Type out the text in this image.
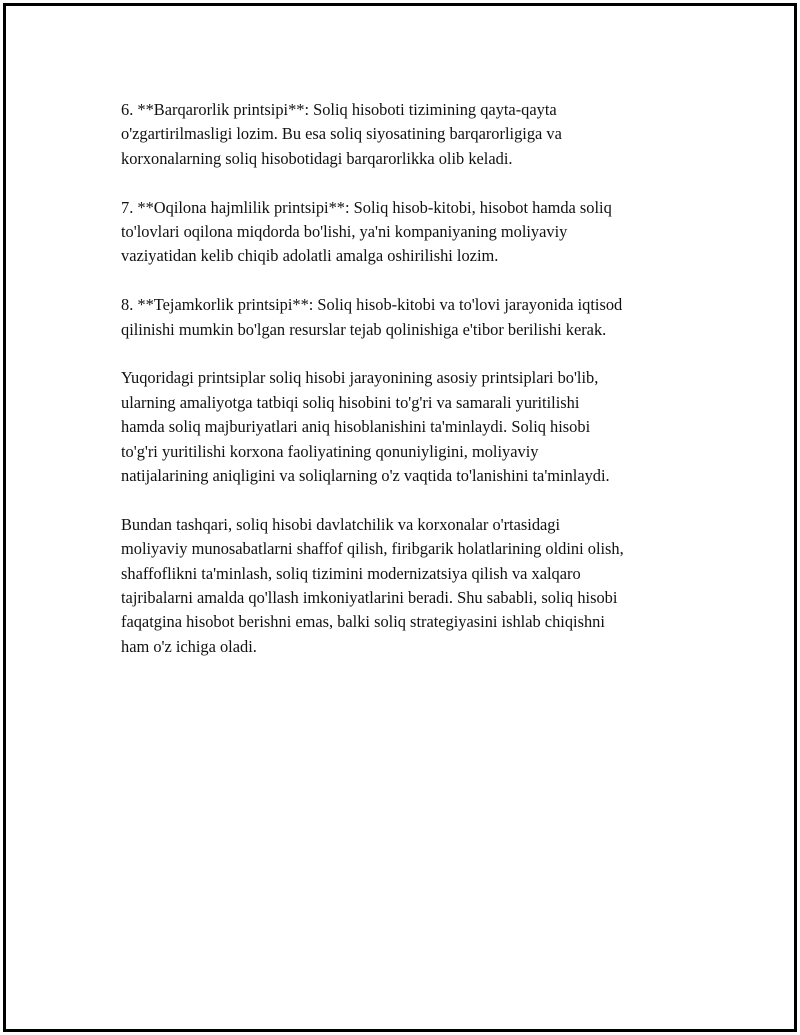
6. **Barqarorlik printsipi**: Soliq hisoboti tizimining qayta-qayta
o'zgartirilmasligi lozim. Bu esa soliq siyosatining barqarorligiga va
korxonalarning soliq hisobotidagi barqarorlikka olib keladi.

7. **Oqilona hajmlilik printsipi**: Soliq hisob-kitobi, hisobot hamda soliq
to'lovlari oqilona miqdorda bo'lishi, ya'ni kompaniyaning moliyaviy
vaziyatidan kelib chiqib adolatli amalga oshirilishi lozim.

8. **Tejamkorlik printsipi**: Soliq hisob-kitobi va to'lovi jarayonida iqtisod
qilinishi mumkin bo'lgan resurslar tejab qolinishiga e'tibor berilishi kerak.

Yuqoridagi printsiplar soliq hisobi jarayonining asosiy printsiplari bo'lib,
ularning amaliyotga tatbiqi soliq hisobini to'g'ri va samarali yuritilishi
hamda soliq majburiyatlari aniq hisoblanishini ta'minlaydi. Soliq hisobi
to'g'ri yuritilishi korxona faoliyatining qonuniyligini, moliyaviy
natijalarining aniqligini va soliqlarning o'z vaqtida to'lanishini ta'minlaydi.

Bundan tashqari, soliq hisobi davlatchilik va korxonalar o'rtasidagi
moliyaviy munosabatlarni shaffof qilish, firibgarik holatlarining oldini olish,
shaffoflikni ta'minlash, soliq tizimini modernizatsiya qilish va xalqaro
tajribalarni amalda qo'llash imkoniyatlarini beradi. Shu sababli, soliq hisobi
faqatgina hisobot berishni emas, balki soliq strategiyasini ishlab chiqishni
ham o'z ichiga oladi.
